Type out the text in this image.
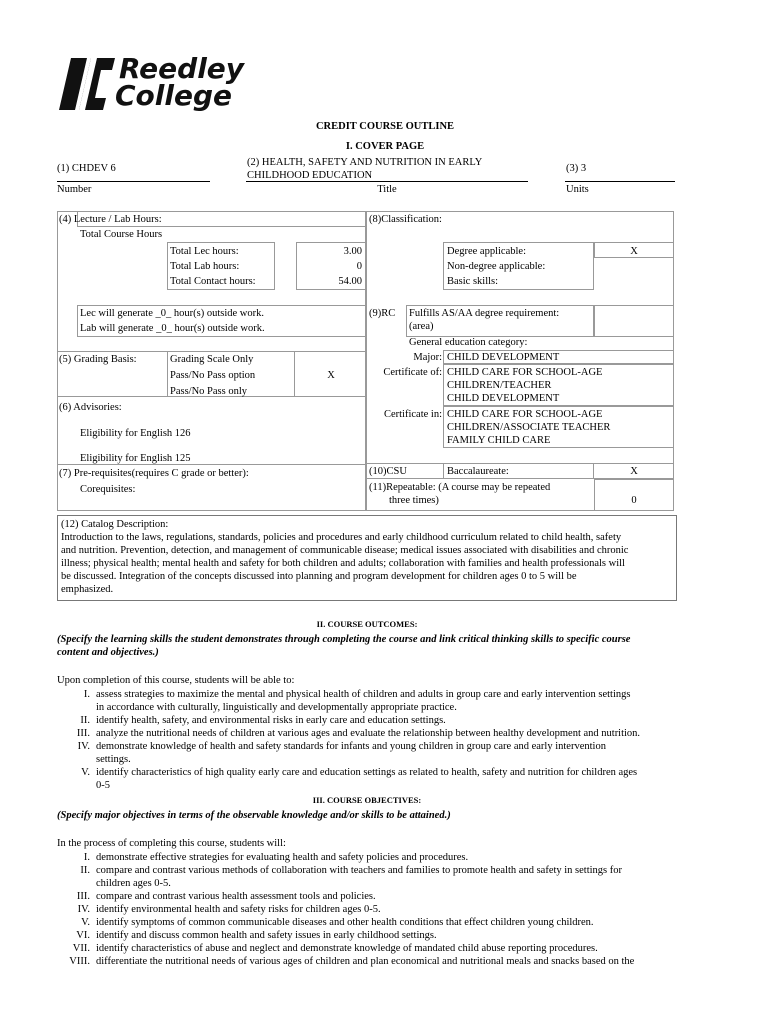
Reedley
College
CREDIT COURSE OUTLINE
I. COVER PAGE
(1) CHDEV 6
Number
(2) HEALTH, SAFETY AND NUTRITION IN EARLY
CHILDHOOD EDUCATION
Title
(3) 3
Units
(4) Lecture / Lab Hours:
Total Course Hours
Total Lec hours:	3.00
Total Lab hours:	0
Total Contact hours:	54.00
Lec will generate _0_ hour(s) outside work.
Lab will generate _0_ hour(s) outside work.
(5) Grading Basis:	Grading Scale Only
Pass/No Pass option	X
Pass/No Pass only
(6) Advisories:
Eligibility for English 126
Eligibility for English 125
(7) Pre-requisites(requires C grade or better):
Corequisites:
(8)Classification:
Degree applicable:	X
Non-degree applicable:
Basic skills:
(9)RC Fulfills AS/AA degree requirement:
(area)
General education category:
Major: CHILD DEVELOPMENT
Certificate of: CHILD CARE FOR SCHOOL-AGE
CHILDREN/TEACHER
CHILD DEVELOPMENT
Certificate in: CHILD CARE FOR SCHOOL-AGE
CHILDREN/ASSOCIATE TEACHER
FAMILY CHILD CARE
(10)CSU	Baccalaureate:	X
(11)Repeatable: (A course may be repeated
three times)	0
(12) Catalog Description:
Introduction to the laws, regulations, standards, policies and procedures and early childhood curriculum related to child health, safety
and nutrition. Prevention, detection, and management of communicable disease; medical issues associated with disabilities and chronic
illness; physical health; mental health and safety for both children and adults; collaboration with families and health professionals will
be discussed. Integration of the concepts discussed into planning and program development for children ages 0 to 5 will be
emphasized.
II. COURSE OUTCOMES:
(Specify the learning skills the student demonstrates through completing the course and link critical thinking skills to specific course
content and objectives.)
Upon completion of this course, students will be able to:
I. assess strategies to maximize the mental and physical health of children and adults in group care and early intervention settings
in accordance with culturally, linguistically and developmentally appropriate practice.
II. identify health, safety, and environmental risks in early care and education settings.
III. analyze the nutritional needs of children at various ages and evaluate the relationship between healthy development and nutrition.
IV. demonstrate knowledge of health and safety standards for infants and young children in group care and early intervention
settings.
V. identify characteristics of high quality early care and education settings as related to health, safety and nutrition for children ages
0-5
III. COURSE OBJECTIVES:
(Specify major objectives in terms of the observable knowledge and/or skills to be attained.)
In the process of completing this course, students will:
I. demonstrate effective strategies for evaluating health and safety policies and procedures.
II. compare and contrast various methods of collaboration with teachers and families to promote health and safety in settings for
children ages 0-5.
III. compare and contrast various health assessment tools and policies.
IV. identify environmental health and safety risks for children ages 0-5.
V. identify symptoms of common communicable diseases and other health conditions that effect children young children.
VI. identify and discuss common health and safety issues in early childhood settings.
VII. identify characteristics of abuse and neglect and demonstrate knowledge of mandated child abuse reporting procedures.
VIII. differentiate the nutritional needs of various ages of children and plan economical and nutritional meals and snacks based on the
